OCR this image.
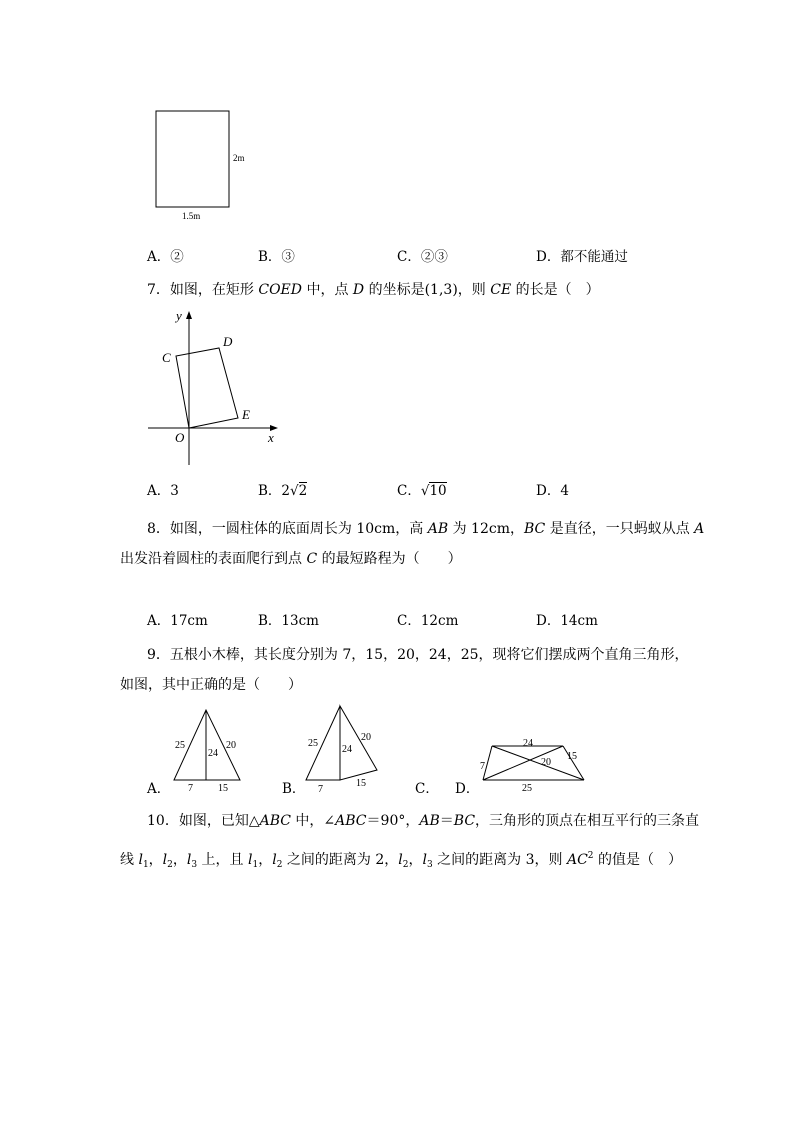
2m
1.5m
A．②	B．③	C．②③	D．都不能通过
7．如图，在矩形 COED 中，点 D 的坐标是(1,3)，则 CE 的长是（　）
y
x
O
C
D
E
A．3	B．2√2	C．√10	D．4
8．如图，一圆柱体的底面周长为 10cm，高 AB 为 12cm，BC 是直径，一只蚂蚁从点 A
出发沿着圆柱的表面爬行到点 C 的最短路程为（　　）
A．17cm	B．13cm	C．12cm	D．14cm
9．五根小木棒，其长度分别为 7，15，20，24，25，现将它们摆成两个直角三角形，
如图，其中正确的是（　　）
25
24
20
7	15
25
24
20
7
15
24
7	20
15
25
A．	B．	C． D．
10．如图，已知△ABC 中，∠ABC＝90°，AB＝BC，三角形的顶点在相互平行的三条直
线 $l_1$，$l_2$，$l_3$ 上，且 $l_1$，$l_2$ 之间的距离为 2，$l_2$，$l_3$ 之间的距离为 3，则 $AC^2$ 的值是（　）
